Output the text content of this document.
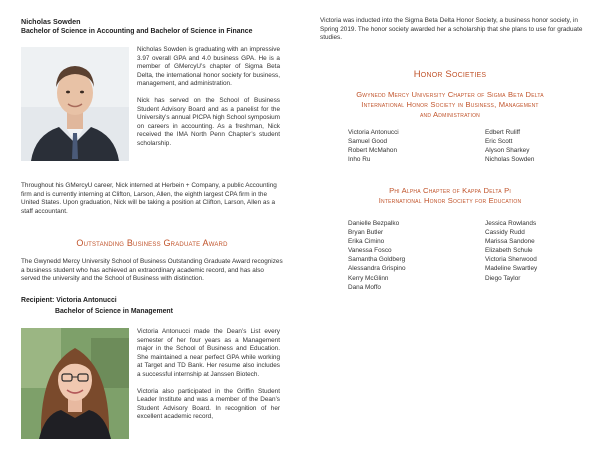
Nicholas Sowden
Bachelor of Science in Accounting and Bachelor of Science in Finance

Nicholas Sowden is graduating with an impressive 3.97 overall GPA and 4.0 business GPA. He is a member of GMercyU’s chapter of Sigma Beta Delta, the international honor society for business, management, and administration.

Nick has served on the School of Business Student Advisory Board and as a panelist for the University’s annual PICPA high School symposium on careers in accounting. As a freshman, Nick received the IMA North Penn Chapter’s student scholarship.

Throughout his GMercyU career, Nick interned at Herbein + Company, a public Accounting firm and is currently interning at Clifton, Larson, Allen, the eighth largest CPA firm in the United States. Upon graduation, Nick will be taking a position at Clifton, Larson, Allen as a staff accountant.

Outstanding Business Graduate Award

The Gwynedd Mercy University School of Business Outstanding Graduate Award recognizes a business student who has achieved an extraordinary academic record, and has also served the university and the School of Business with distinction.

Recipient: Victoria Antonucci
Bachelor of Science in Management

Victoria Antonucci made the Dean’s List every semester of her four years as a Management major in the School of Business and Education. She maintained a near perfect GPA while working at Target and TD Bank. Her resume also includes a successful internship at Janssen Biotech.

Victoria also participated in the Griffin Student Leader Institute and was a member of the Dean’s Student Advisory Board. In recognition of her excellent academic record,

Victoria was inducted into the Sigma Beta Delta Honor Society, a business honor society, in Spring 2019. The honor society awarded her a scholarship that she plans to use for graduate studies.

Honor Societies
Gwynedd Mercy University Chapter of Sigma Beta Delta
International Honor Society in Business, Management
and Administration
Victoria Antonucci
Samuel Good
Robert McMahon
Inho Ru
Edbert Ruliff
Eric Scott
Alyson Sharkey
Nicholas Sowden
Phi Alpha Chapter of Kappa Delta Pi
International Honor Society for Education
Danielle Bezpalko
Bryan Butler
Erika Cimino
Vanessa Fosco
Samantha Goldberg
Alessandra Grispino
Kerry McGlinn
Dana Moffo
Jessica Rowlands
Cassidy Rudd
Marissa Sandone
Elizabeth Schule
Victoria Sherwood
Madeline Swartley
Diego Taylor
